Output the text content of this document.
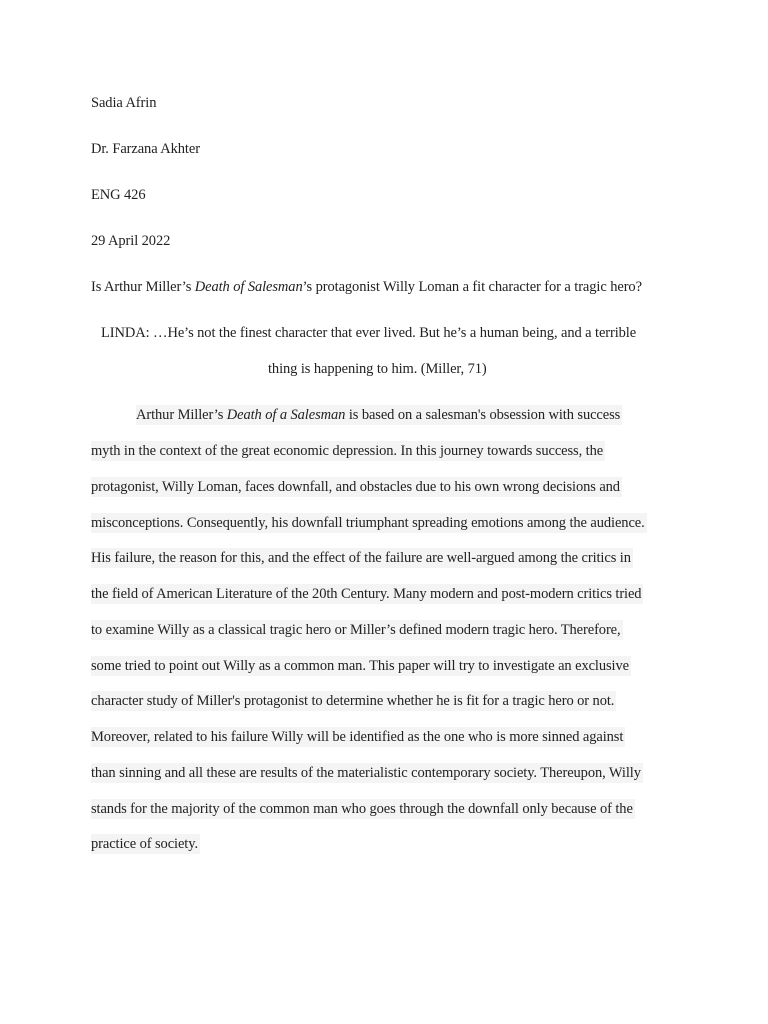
Sadia Afrin
Dr. Farzana Akhter
ENG 426
29 April 2022
Is Arthur Miller’s Death of Salesman’s protagonist Willy Loman a fit character for a tragic hero?
LINDA: …He’s not the finest character that ever lived. But he’s a human being, and a terrible
thing is happening to him. (Miller, 71)
Arthur Miller’s Death of a Salesman is based on a salesman's obsession with success
myth in the context of the great economic depression. In this journey towards success, the
protagonist, Willy Loman, faces downfall, and obstacles due to his own wrong decisions and
misconceptions. Consequently, his downfall triumphant spreading emotions among the audience.
His failure, the reason for this, and the effect of the failure are well-argued among the critics in
the field of American Literature of the 20th Century. Many modern and post-modern critics tried
to examine Willy as a classical tragic hero or Miller’s defined modern tragic hero. Therefore,
some tried to point out Willy as a common man. This paper will try to investigate an exclusive
character study of Miller's protagonist to determine whether he is fit for a tragic hero or not.
Moreover, related to his failure Willy will be identified as the one who is more sinned against
than sinning and all these are results of the materialistic contemporary society. Thereupon, Willy
stands for the majority of the common man who goes through the downfall only because of the
practice of society.
